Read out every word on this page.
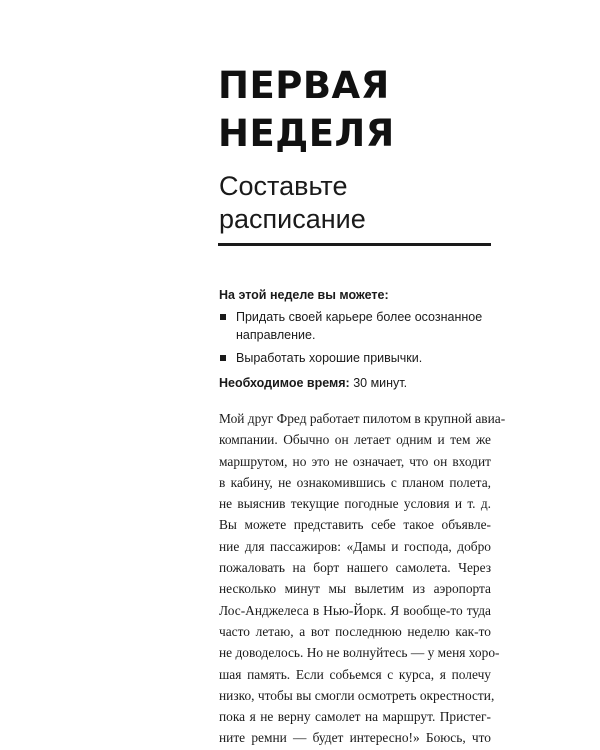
ПЕРВАЯ
НЕДЕЛЯ
Составьте
расписание

На этой неделе вы можете:

Придать своей карьере более осознанное
направление.
Выработать хорошие привычки.
Необходимое время: 30 минут.
Мой друг Фред работает пилотом в крупной авиа-
компании. Обычно он летает одним и тем же
маршрутом, но это не означает, что он входит
в кабину, не ознакомившись с планом полета,
не выяснив текущие погодные условия и т. д.
Вы можете представить себе такое объявле-
ние для пассажиров: «Дамы и господа, добро
пожаловать на борт нашего самолета. Через
несколько минут мы вылетим из аэропорта
Лос-Анджелеса в Нью-Йорк. Я вообще-то туда
часто летаю, а вот последнюю неделю как-то
не доводелось. Но не волнуйтесь — у меня хоро-
шая память. Если собьемся с курса, я полечу
низко, чтобы вы смогли осмотреть окрестности,
пока я не верну самолет на маршрут. Пристег-
ните ремни — будет интересно!» Боюсь, что
